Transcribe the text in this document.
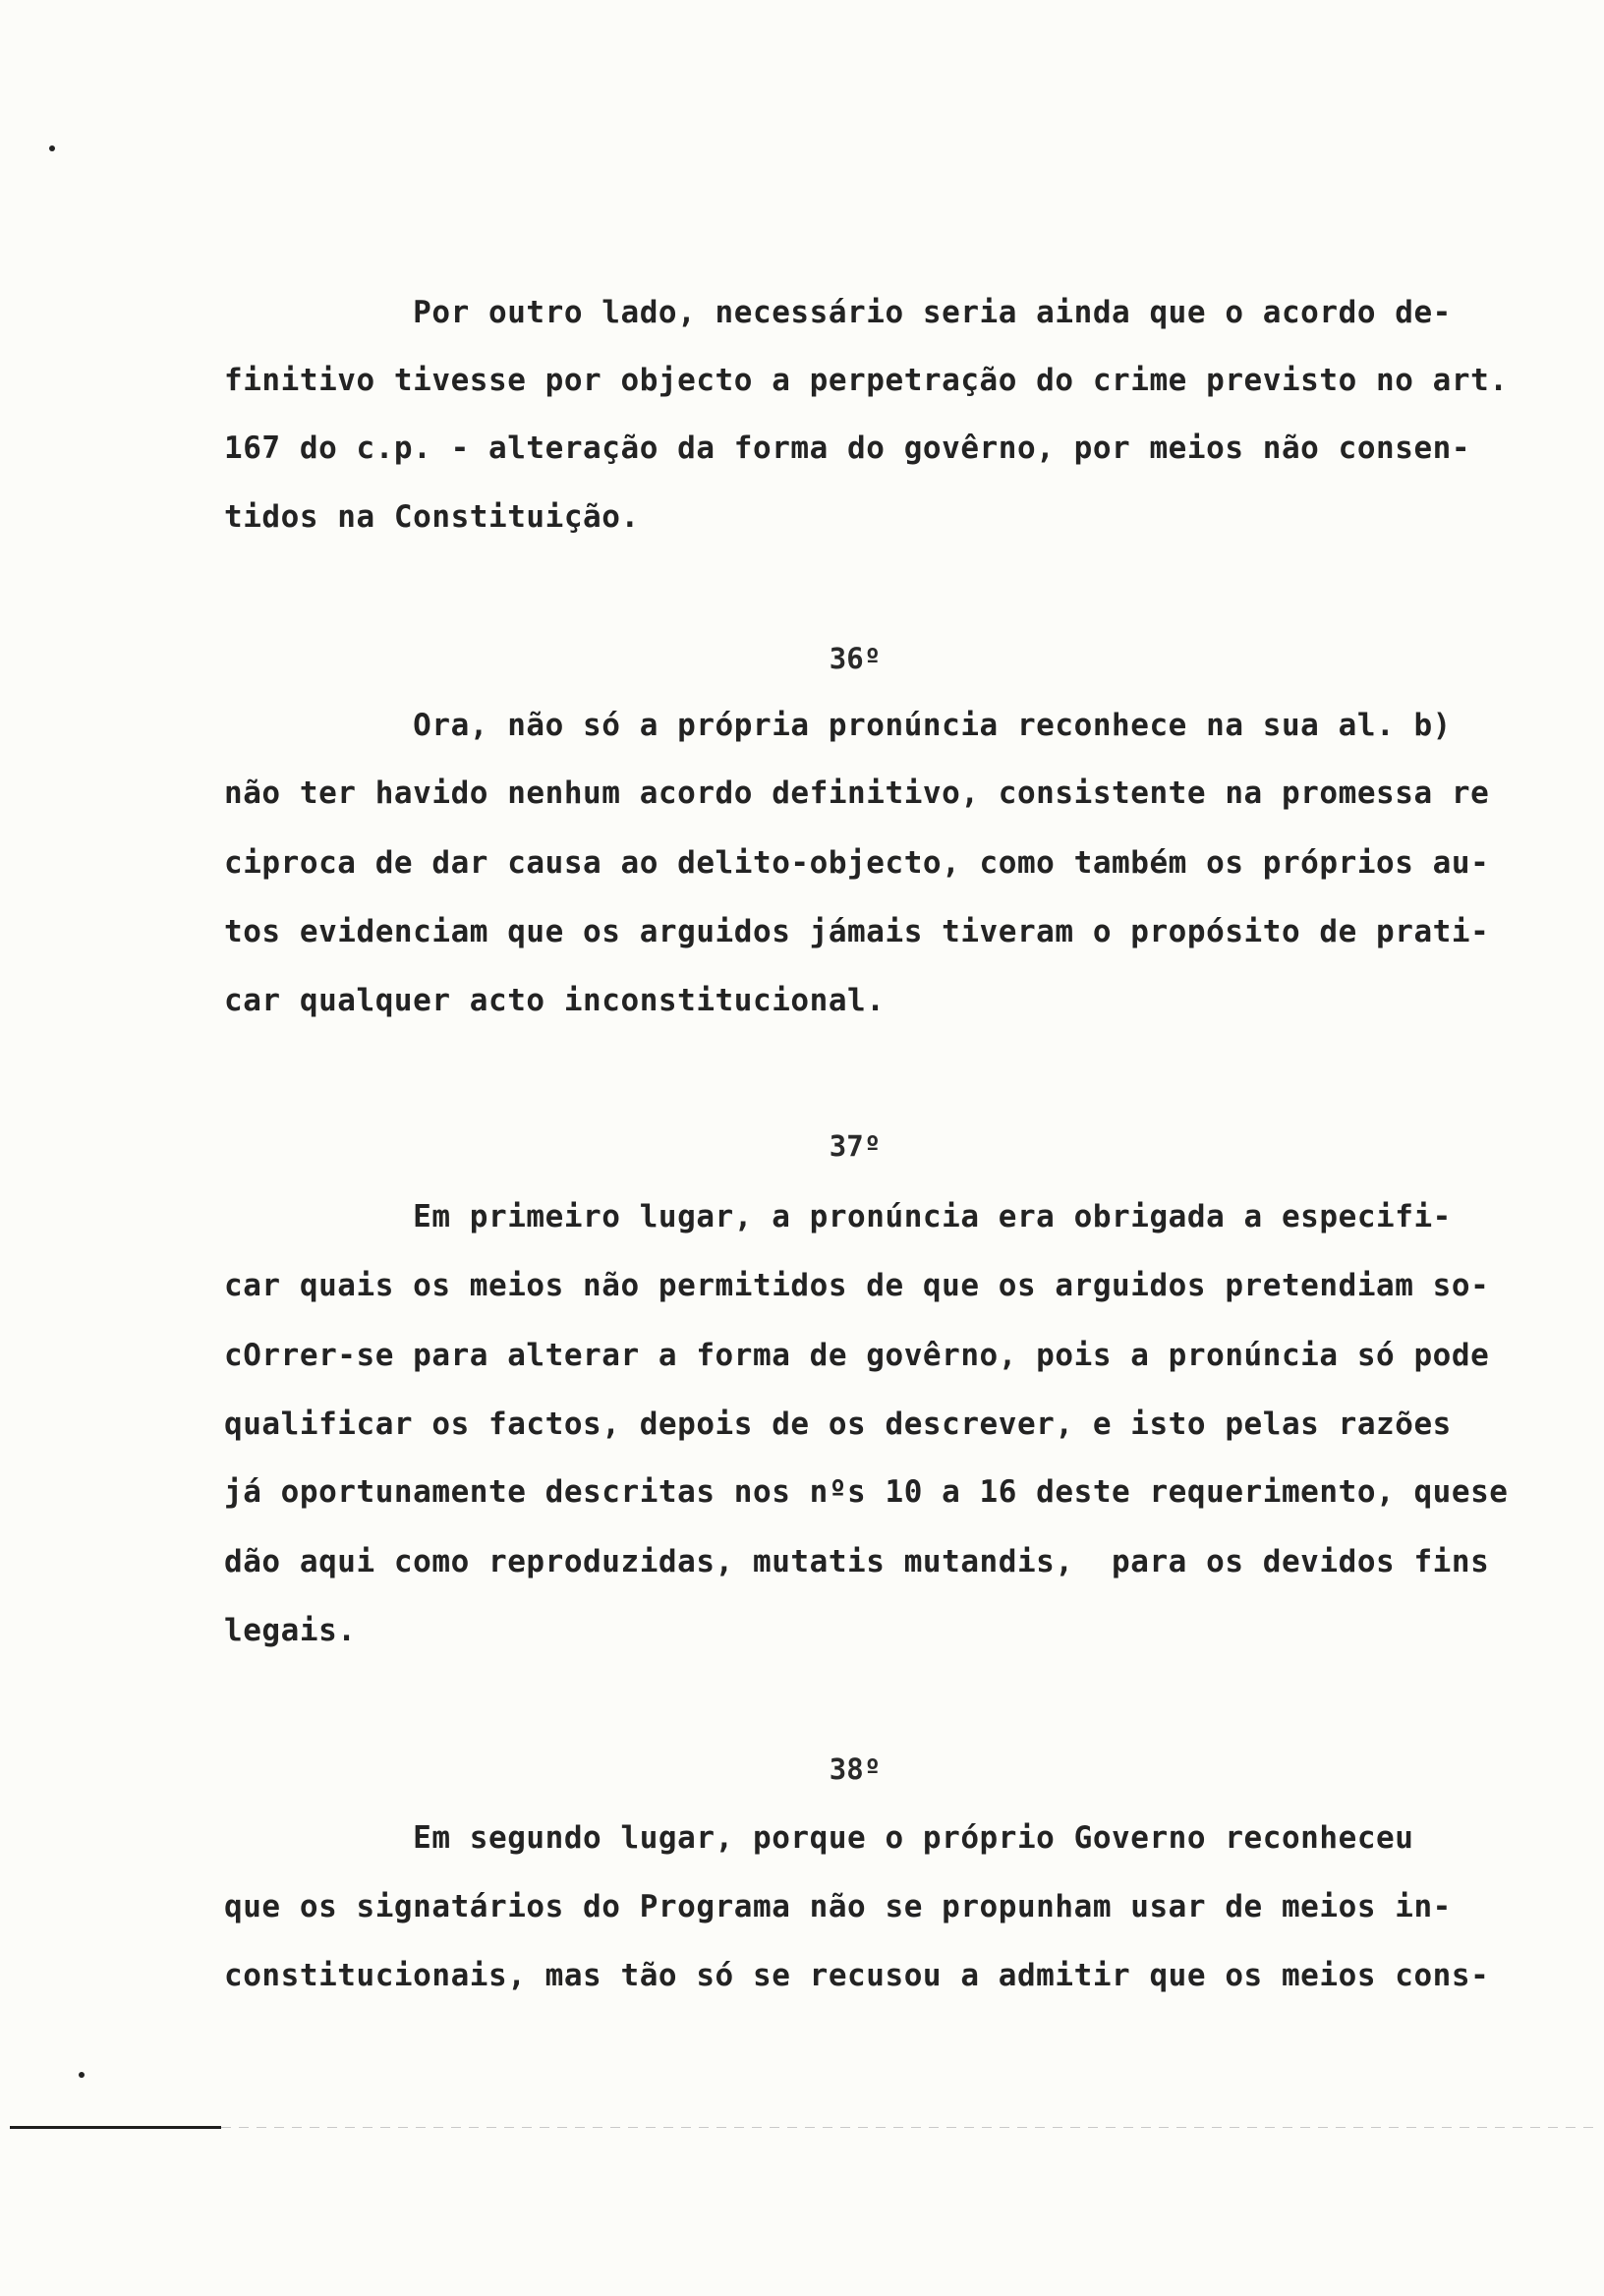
Por outro lado, necessário seria ainda que o acordo de-

finitivo tivesse por objecto a perpetração do crime previsto no art.

167 do c.p. - alteração da forma do govêrno, por meios não consen-

tidos na Constituição.

36º

Ora, não só a própria pronúncia reconhece na sua al. b)

não ter havido nenhum acordo definitivo, consistente na promessa re

ciproca de dar causa ao delito-objecto, como também os próprios au-

tos evidenciam que os arguidos jámais tiveram o propósito de prati-

car qualquer acto inconstitucional.

37º

Em primeiro lugar, a pronúncia era obrigada a especifi-

car quais os meios não permitidos de que os arguidos pretendiam so-

cOrrer-se para alterar a forma de govêrno, pois a pronúncia só pode

qualificar os factos, depois de os descrever, e isto pelas razões

já oportunamente descritas nos nºs 10 a 16 deste requerimento, quese

dão aqui como reproduzidas, mutatis mutandis,  para os devidos fins

legais.

38º

Em segundo lugar, porque o próprio Governo reconheceu

que os signatários do Programa não se propunham usar de meios in-

constitucionais, mas tão só se recusou a admitir que os meios cons-
